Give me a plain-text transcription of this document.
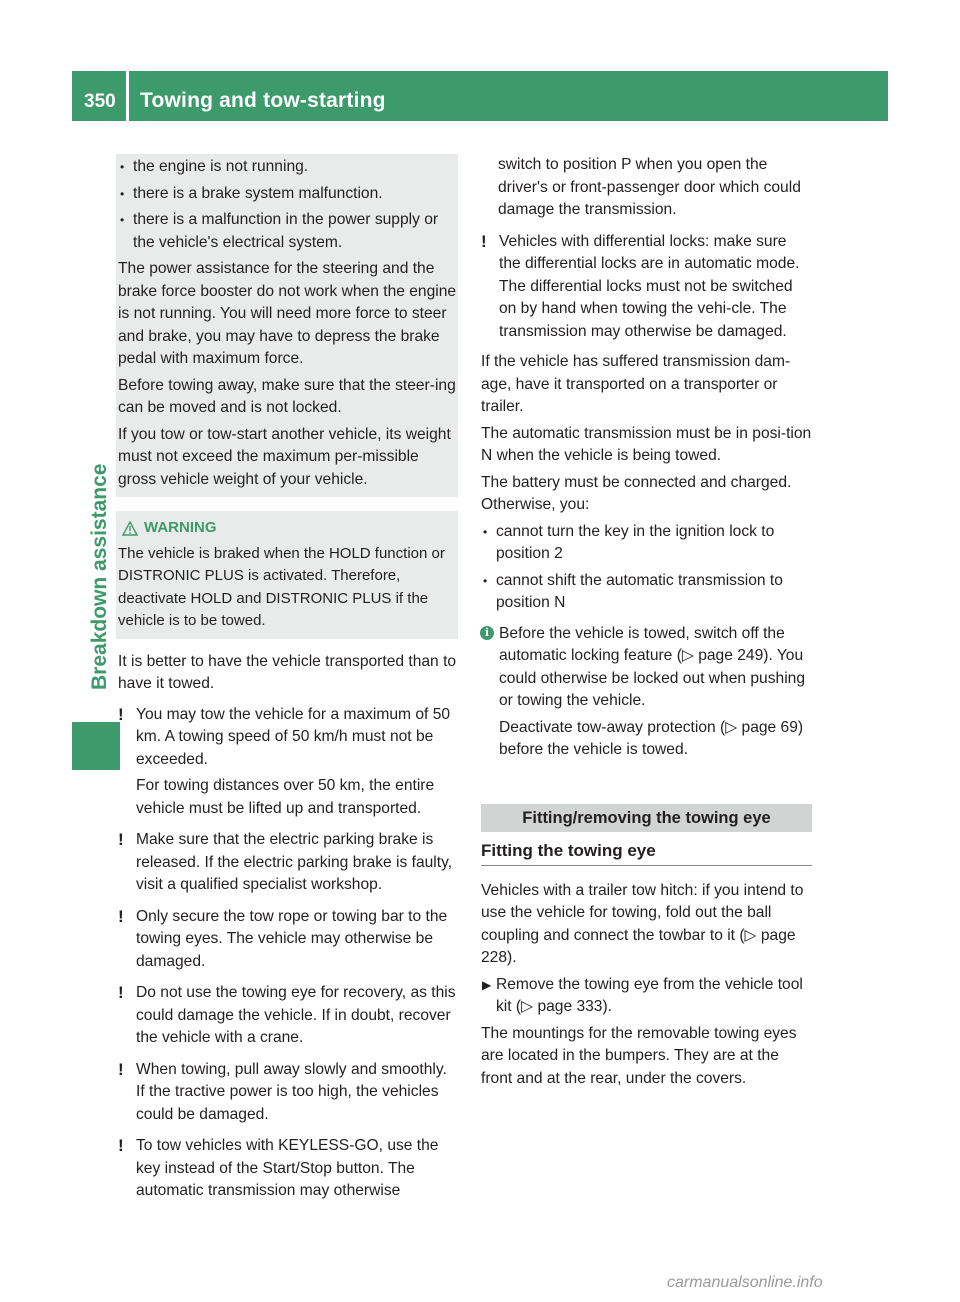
350 Towing and tow-starting
Breakdown assistance

• the engine is not running.

• there is a brake system malfunction.

• there is a malfunction in the power supply or the vehicle's electrical system.

The power assistance for the steering and the brake force booster do not work when the engine is not running. You will need more force to steer and brake, you may have to depress the brake pedal with maximum force.

Before towing away, make sure that the steer-ing can be moved and is not locked.

If you tow or tow-start another vehicle, its weight must not exceed the maximum per-missible gross vehicle weight of your vehicle.

WARNING

The vehicle is braked when the HOLD function or DISTRONIC PLUS is activated. Therefore, deactivate HOLD and DISTRONIC PLUS if the vehicle is to be towed.

It is better to have the vehicle transported than to have it towed.

! You may tow the vehicle for a maximum of 50 km. A towing speed of 50 km/h must not be exceeded.

For towing distances over 50 km, the entire vehicle must be lifted up and transported.

! Make sure that the electric parking brake is released. If the electric parking brake is faulty, visit a qualified specialist workshop.

! Only secure the tow rope or towing bar to the towing eyes. The vehicle may otherwise be damaged.

! Do not use the towing eye for recovery, as this could damage the vehicle. If in doubt, recover the vehicle with a crane.

! When towing, pull away slowly and smoothly. If the tractive power is too high, the vehicles could be damaged.

! To tow vehicles with KEYLESS-GO, use the key instead of the Start/Stop button. The automatic transmission may otherwise

switch to position P when you open the driver's or front-passenger door which could damage the transmission.

! Vehicles with differential locks: make sure the differential locks are in automatic mode. The differential locks must not be switched on by hand when towing the vehi-cle. The transmission may otherwise be damaged.

If the vehicle has suffered transmission dam-age, have it transported on a transporter or trailer.

The automatic transmission must be in posi-tion N when the vehicle is being towed.

The battery must be connected and charged. Otherwise, you:

• cannot turn the key in the ignition lock to position 2

• cannot shift the automatic transmission to position N

i Before the vehicle is towed, switch off the automatic locking feature (▷ page 249). You could otherwise be locked out when pushing or towing the vehicle.

Deactivate tow-away protection (▷ page 69) before the vehicle is towed.

Fitting/removing the towing eye
Fitting the towing eye

Vehicles with a trailer tow hitch: if you intend to use the vehicle for towing, fold out the ball coupling and connect the towbar to it (▷ page 228).

▶ Remove the towing eye from the vehicle tool kit (▷ page 333).

The mountings for the removable towing eyes are located in the bumpers. They are at the front and at the rear, under the covers.

carmanualsonline.info
